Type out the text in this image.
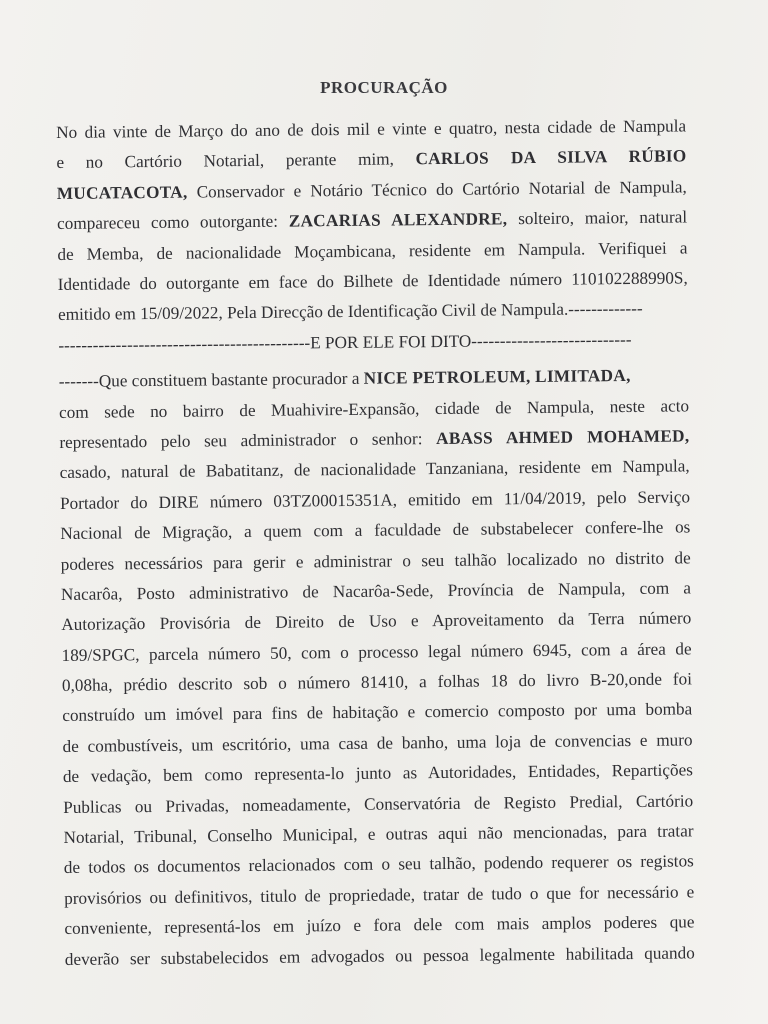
PROCURAÇÃO
No dia vinte de Março do ano de dois mil e vinte e quatro, nesta cidade de Nampula
e no Cartório Notarial, perante mim, CARLOS DA SILVA RÚBIO
MUCATACOTA, Conservador e Notário Técnico do Cartório Notarial de Nampula,
compareceu como outorgante: ZACARIAS ALEXANDRE, solteiro, maior, natural
de Memba, de nacionalidade Moçambicana, residente em Nampula. Verifiquei a
Identidade do outorgante em face do Bilhete de Identidade número 110102288990S,
emitido em 15/09/2022, Pela Direcção de Identificação Civil de Nampula.-------------
--------------------------------------------E POR ELE FOI DITO----------------------------
-------Que constituem bastante procurador a NICE PETROLEUM, LIMITADA,
com sede no bairro de Muahivire-Expansão, cidade de Nampula, neste acto
representado pelo seu administrador o senhor: ABASS AHMED MOHAMED,
casado, natural de Babatitanz, de nacionalidade Tanzaniana, residente em Nampula,
Portador do DIRE número 03TZ00015351A, emitido em 11/04/2019, pelo Serviço
Nacional de Migração, a quem com a faculdade de substabelecer confere-lhe os
poderes necessários para gerir e administrar o seu talhão localizado no distrito de
Nacarôa, Posto administrativo de Nacarôa-Sede, Província de Nampula, com a
Autorização Provisória de Direito de Uso e Aproveitamento da Terra número
189/SPGC, parcela número 50, com o processo legal número 6945, com a área de
0,08ha, prédio descrito sob o número 81410, a folhas 18 do livro B-20,onde foi
construído um imóvel para fins de habitação e comercio composto por uma bomba
de combustíveis, um escritório, uma casa de banho, uma loja de convencias e muro
de vedação, bem como representa-lo junto as Autoridades, Entidades, Repartições
Publicas ou Privadas, nomeadamente, Conservatória de Registo Predial, Cartório
Notarial, Tribunal, Conselho Municipal, e outras aqui não mencionadas, para tratar
de todos os documentos relacionados com o seu talhão, podendo requerer os registos
provisórios ou definitivos, titulo de propriedade, tratar de tudo o que for necessário e
conveniente, representá-los em juízo e fora dele com mais amplos poderes que
deverão ser substabelecidos em advogados ou pessoa legalmente habilitada quando
